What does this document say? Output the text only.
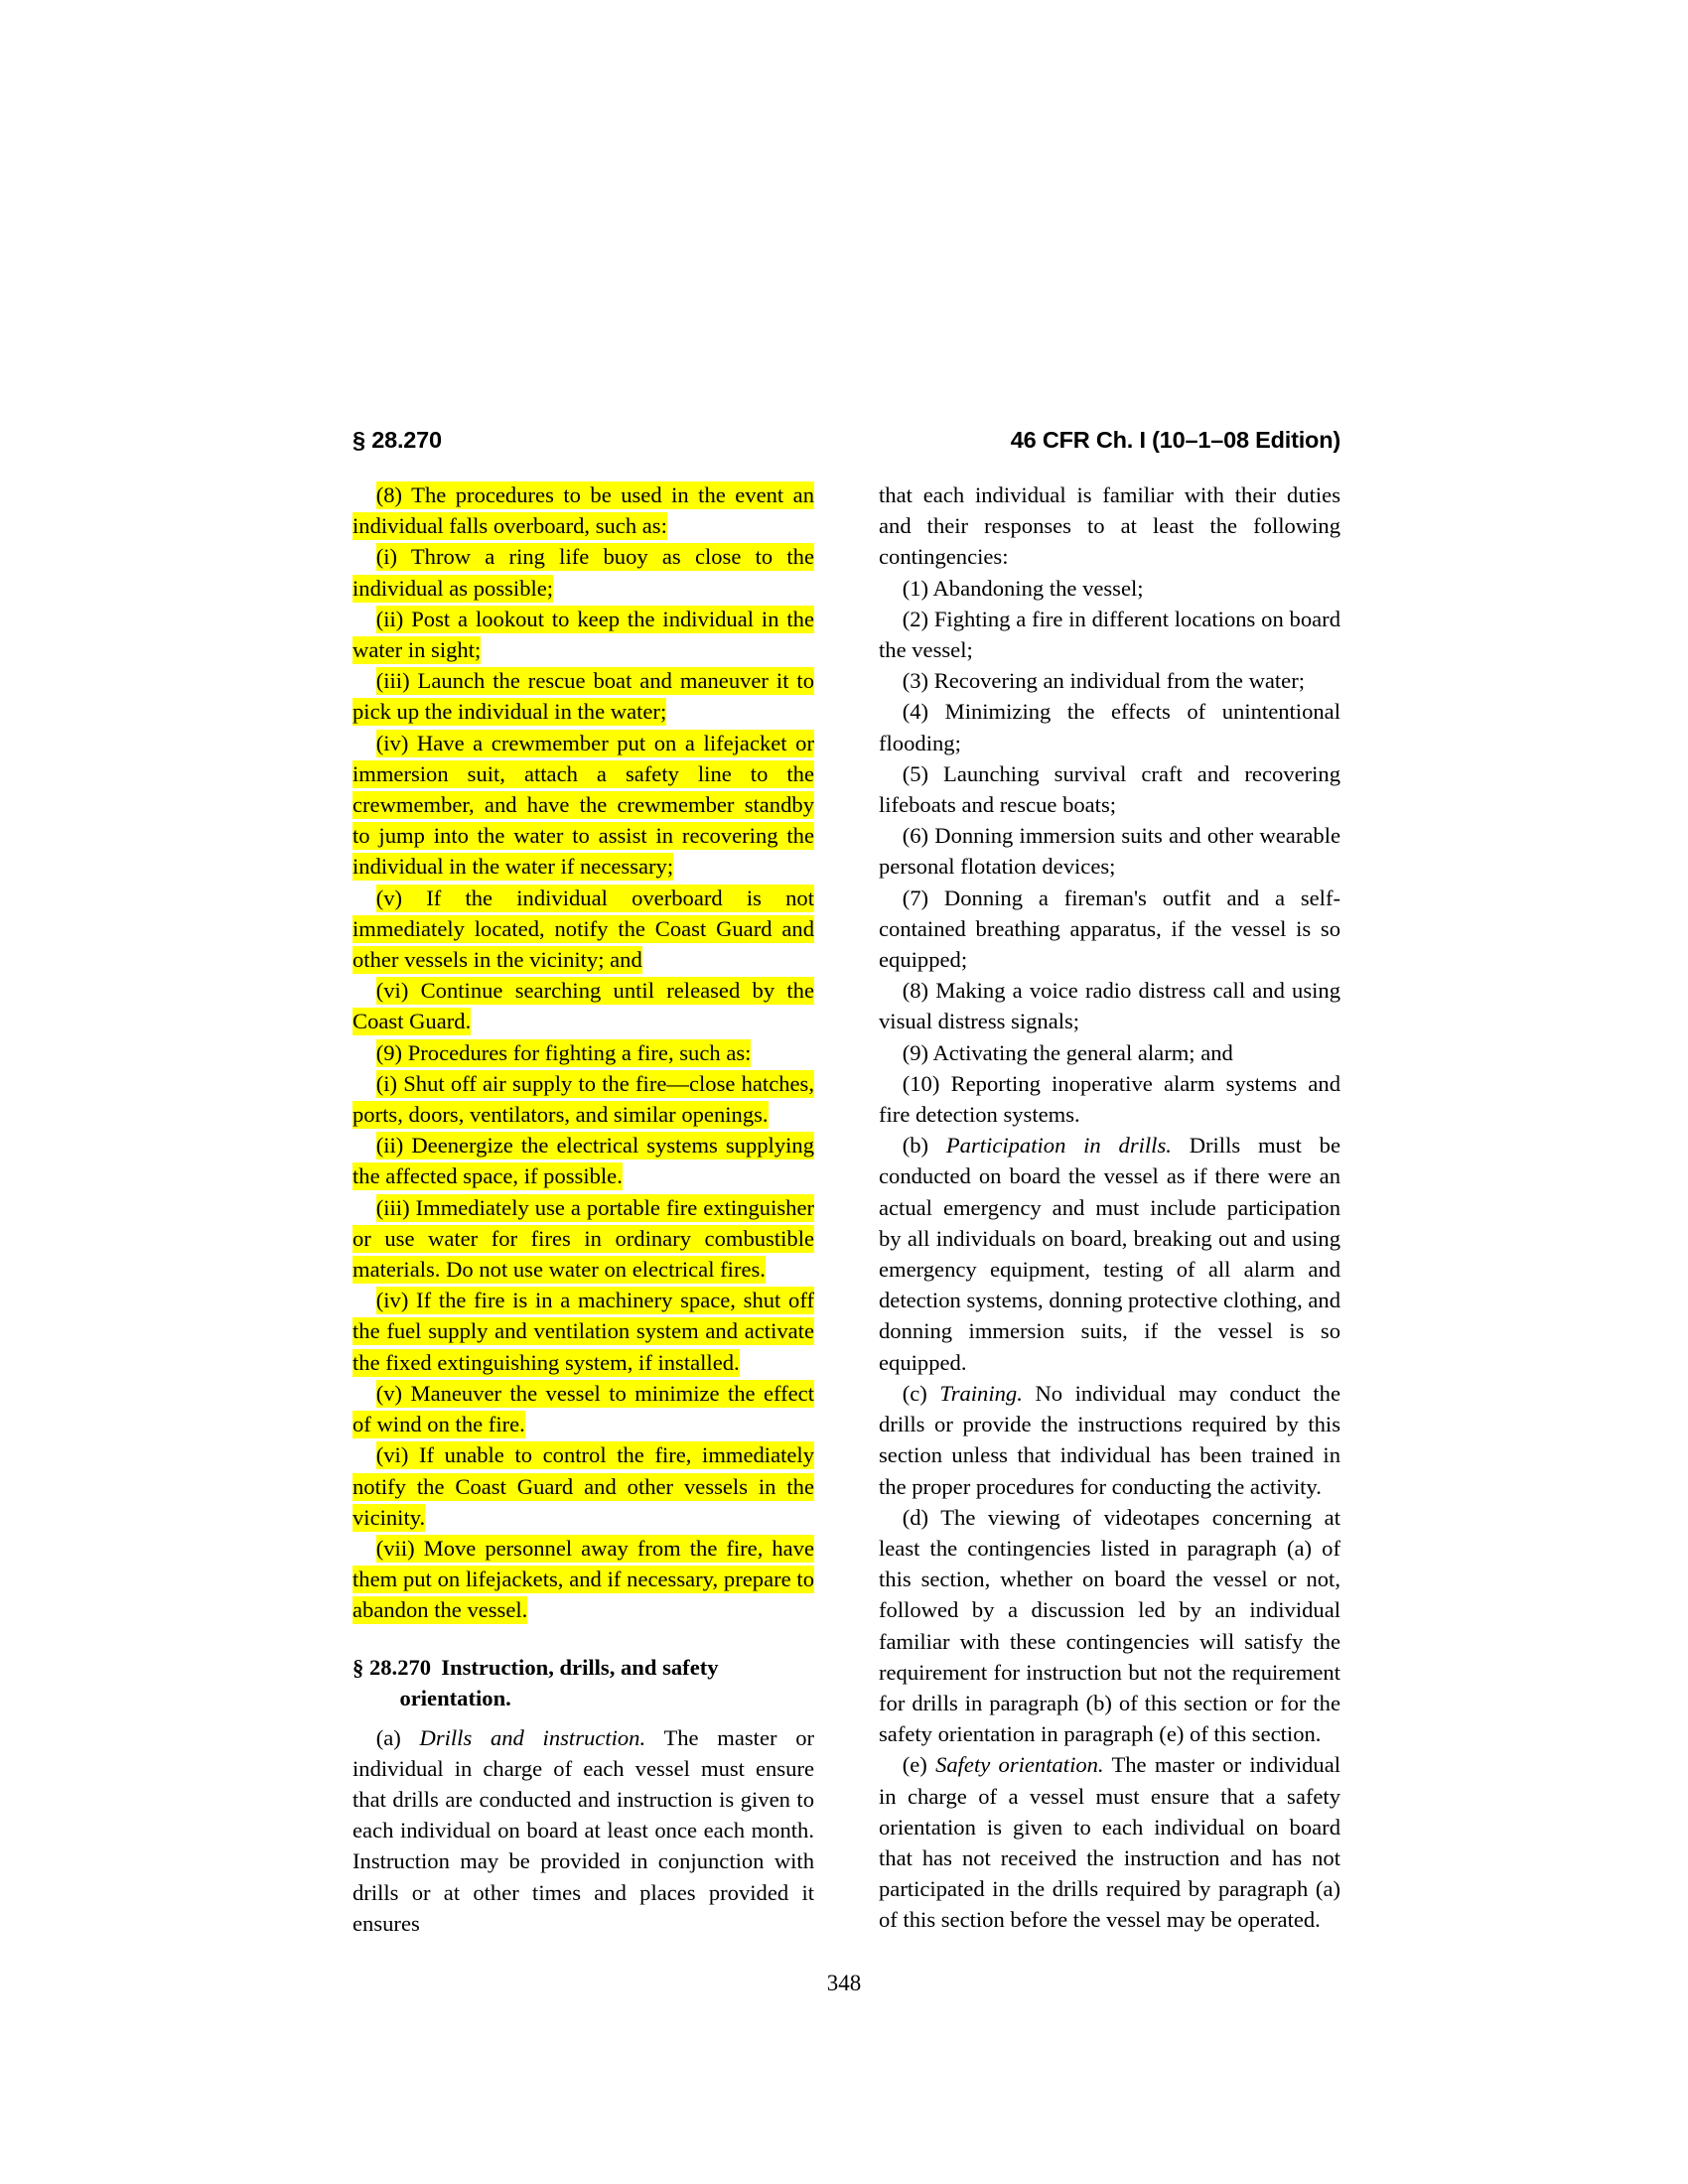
§ 28.270	46 CFR Ch. I (10–1–08 Edition)

(8) The procedures to be used in the event an individual falls overboard, such as:

(i) Throw a ring life buoy as close to the individual as possible;

(ii) Post a lookout to keep the individual in the water in sight;

(iii) Launch the rescue boat and maneuver it to pick up the individual in the water;

(iv) Have a crewmember put on a lifejacket or immersion suit, attach a safety line to the crewmember, and have the crewmember standby to jump into the water to assist in recovering the individual in the water if necessary;

(v) If the individual overboard is not immediately located, notify the Coast Guard and other vessels in the vicinity; and

(vi) Continue searching until released by the Coast Guard.

(9) Procedures for fighting a fire, such as:

(i) Shut off air supply to the fire—close hatches, ports, doors, ventilators, and similar openings.

(ii) Deenergize the electrical systems supplying the affected space, if possible.

(iii) Immediately use a portable fire extinguisher or use water for fires in ordinary combustible materials. Do not use water on electrical fires.

(iv) If the fire is in a machinery space, shut off the fuel supply and ventilation system and activate the fixed extinguishing system, if installed.

(v) Maneuver the vessel to minimize the effect of wind on the fire.

(vi) If unable to control the fire, immediately notify the Coast Guard and other vessels in the vicinity.

(vii) Move personnel away from the fire, have them put on lifejackets, and if necessary, prepare to abandon the vessel.

§ 28.270 Instruction, drills, and safety orientation.

(a) Drills and instruction. The master or individual in charge of each vessel must ensure that drills are conducted and instruction is given to each individual on board at least once each month. Instruction may be provided in conjunction with drills or at other times and places provided it ensures

that each individual is familiar with their duties and their responses to at least the following contingencies:

(1) Abandoning the vessel;

(2) Fighting a fire in different locations on board the vessel;

(3) Recovering an individual from the water;

(4) Minimizing the effects of unintentional flooding;

(5) Launching survival craft and recovering lifeboats and rescue boats;

(6) Donning immersion suits and other wearable personal flotation devices;

(7) Donning a fireman's outfit and a self-contained breathing apparatus, if the vessel is so equipped;

(8) Making a voice radio distress call and using visual distress signals;

(9) Activating the general alarm; and

(10) Reporting inoperative alarm systems and fire detection systems.

(b) Participation in drills. Drills must be conducted on board the vessel as if there were an actual emergency and must include participation by all individuals on board, breaking out and using emergency equipment, testing of all alarm and detection systems, donning protective clothing, and donning immersion suits, if the vessel is so equipped.

(c) Training. No individual may conduct the drills or provide the instructions required by this section unless that individual has been trained in the proper procedures for conducting the activity.

(d) The viewing of videotapes concerning at least the contingencies listed in paragraph (a) of this section, whether on board the vessel or not, followed by a discussion led by an individual familiar with these contingencies will satisfy the requirement for instruction but not the requirement for drills in paragraph (b) of this section or for the safety orientation in paragraph (e) of this section.

(e) Safety orientation. The master or individual in charge of a vessel must ensure that a safety orientation is given to each individual on board that has not received the instruction and has not participated in the drills required by paragraph (a) of this section before the vessel may be operated.

348
